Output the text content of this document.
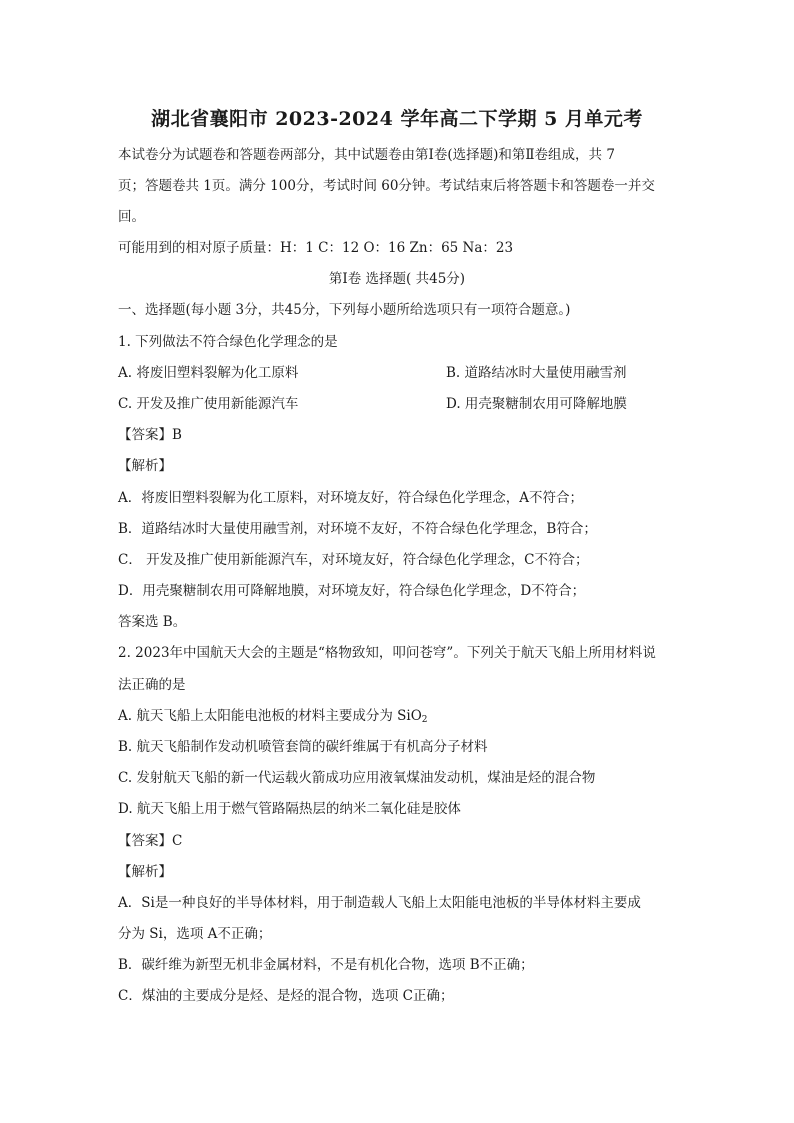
湖北省襄阳市 2023-2024 学年高二下学期 5 月单元考
本试卷分为试题卷和答题卷两部分，其中试题卷由第Ⅰ卷(选择题)和第Ⅱ卷组成，共 7
页；答题卷共 1页。满分 100分，考试时间 60分钟。考试结束后将答题卡和答题卷一并交
回。
可能用到的相对原子质量：H：1 C：12 O：16 Zn：65 Na：23
第Ⅰ卷 选择题( 共45分)
一、选择题(每小题 3分，共45分，下列每小题所给选项只有一项符合题意。)
1. 下列做法不符合绿色化学理念的是
A. 将废旧塑料裂解为化工原料	B. 道路结冰时大量使用融雪剂
C. 开发及推广使用新能源汽车	D. 用壳聚糖制农用可降解地膜
【答案】B
【解析】
A．将废旧塑料裂解为化工原料，对环境友好，符合绿色化学理念，A不符合；
B．道路结冰时大量使用融雪剂，对环境不友好，不符合绿色化学理念，B符合；
C． 开发及推广使用新能源汽车，对环境友好，符合绿色化学理念，C不符合；
D．用壳聚糖制农用可降解地膜，对环境友好，符合绿色化学理念，D不符合；
答案选 B。
2. 2023年中国航天大会的主题是“格物致知，叩问苍穹”。下列关于航天飞船上所用材料说
法正确的是
A. 航天飞船上太阳能电池板的材料主要成分为 SiO$_2$
B. 航天飞船制作发动机喷管套筒的碳纤维属于有机高分子材料
C. 发射航天飞船的新一代运载火箭成功应用液氧煤油发动机，煤油是烃的混合物
D. 航天飞船上用于燃气管路隔热层的纳米二氧化硅是胶体
【答案】C
【解析】
A．Si是一种良好的半导体材料，用于制造载人飞船上太阳能电池板的半导体材料主要成
分为 Si，选项 A不正确；
B．碳纤维为新型无机非金属材料，不是有机化合物，选项 B不正确；
C．煤油的主要成分是烃、是烃的混合物，选项 C正确；
